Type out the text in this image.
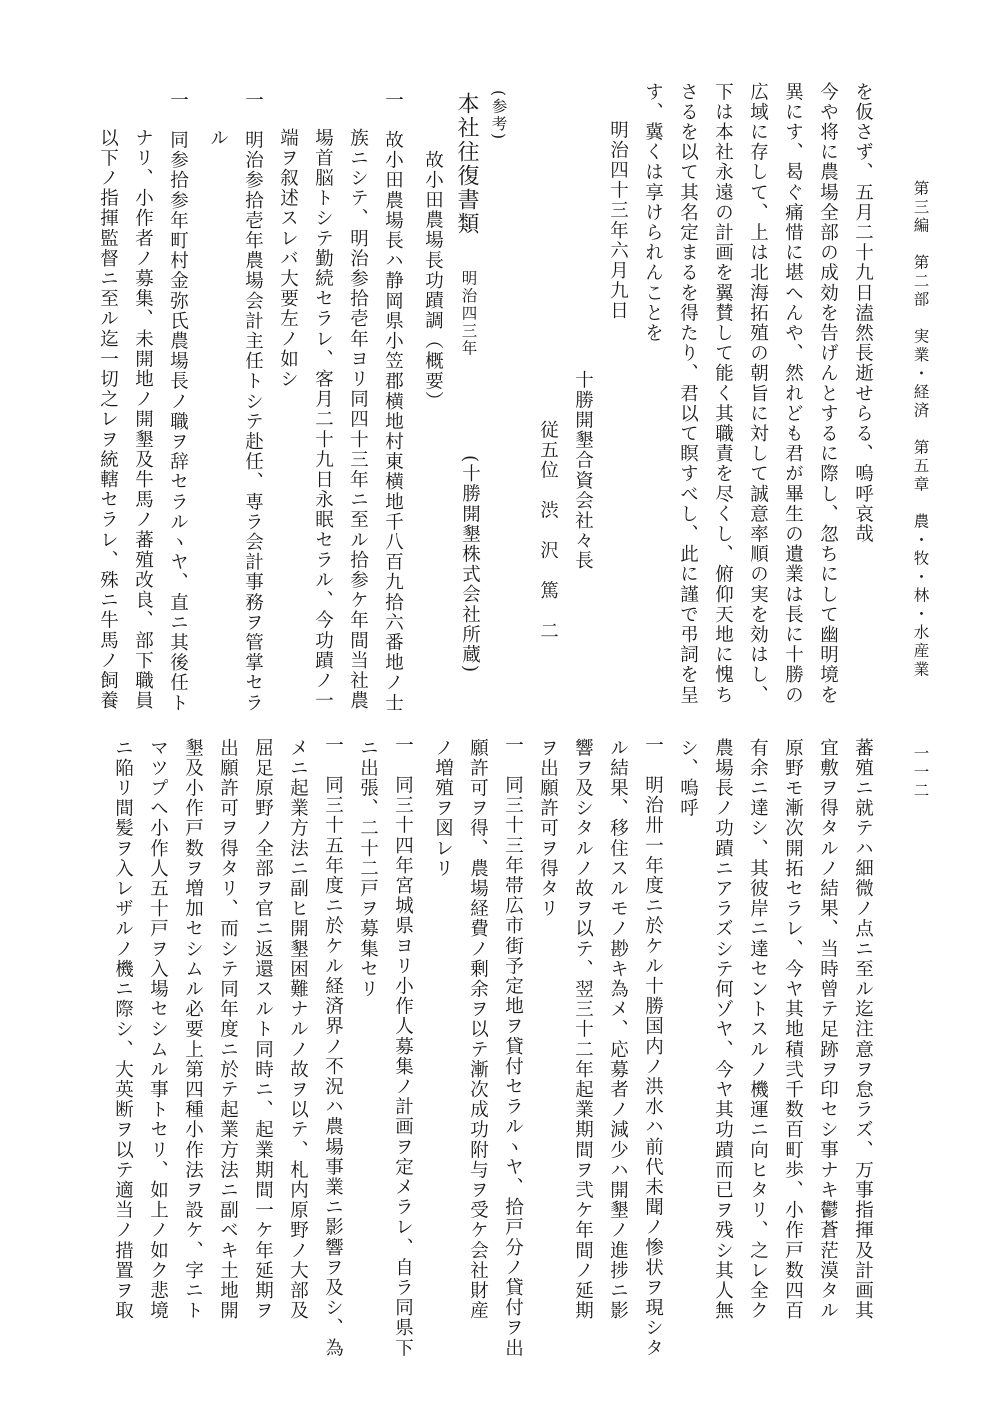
第三編　第二部　実業・経済　第五章　農・牧・林・水産業
一一二
を仮さず、五月二十九日溘然長逝せらる、嗚呼哀哉
今や将に農場全部の成効を告げんとするに際し、忽ちにして幽明境を
異にす、曷ぐ痛惜に堪へんや、然れども君が畢生の遺業は長に十勝の
広域に存して、上は北海拓殖の朝旨に対して誠意率順の実を効はし、
下は本社永遠の計画を翼賛して能く其職責を尽くし、俯仰天地に愧ち
さるを以て其名定まるを得たり、君以て瞑すべし、此に謹で弔詞を呈
す、冀くは享けられんことを
明治四十三年六月九日
十勝開墾合資会社々長
従五位　渋　沢　篤　二
(参考)
本社往復書類
明治四三年
(十勝開墾株式会社所蔵)
故小田農場長功蹟調（概要）
一　故小田農場長ハ静岡県小笠郡横地村東横地千八百九拾六番地ノ士
族ニシテ、明治参拾壱年ヨリ同四十三年ニ至ル拾参ケ年間当社農
場首脳トシテ勤続セラレ、客月二十九日永眠セラル、今功蹟ノ一
端ヲ叙述スレバ大要左ノ如シ
一　明治参拾壱年農場会計主任トシテ赴任、専ラ会計事務ヲ管掌セラ
ル
一　同参拾参年町村金弥氏農場長ノ職ヲ辞セラルヽヤ、直ニ其後任ト
ナリ、小作者ノ募集、未開地ノ開墾及牛馬ノ蕃殖改良、部下職員
以下ノ指揮監督ニ至ル迄一切之レヲ統轄セラレ、殊ニ牛馬ノ飼養
蕃殖ニ就テハ細微ノ点ニ至ル迄注意ヲ怠ラズ、万事指揮及計画其
宜敷ヲ得タルノ結果、当時曾テ足跡ヲ印セシ事ナキ鬱蒼茫漠タル
原野モ漸次開拓セラレ、今ヤ其地積弐千数百町歩、小作戸数四百
有余ニ達シ、其彼岸ニ達セントスルノ機運ニ向ヒタリ、之レ全ク
農場長ノ功蹟ニアラズシテ何ゾヤ、今ヤ其功蹟而已ヲ残シ其人無
シ、嗚呼
一　明治卅一年度ニ於ケル十勝国内ノ洪水ハ前代未聞ノ惨状ヲ現シタ
ル結果、移住スルモノ尠キ為メ、応募者ノ減少ハ開墾ノ進捗ニ影
響ヲ及シタルノ故ヲ以テ、翌三十二年起業期間ヲ弐ケ年間ノ延期
ヲ出願許可ヲ得タリ
一　同三十三年帯広市街予定地ヲ貸付セラルヽヤ、拾戸分ノ貸付ヲ出
願許可ヲ得、農場経費ノ剰余ヲ以テ漸次成功附与ヲ受ケ会社財産
ノ増殖ヲ図レリ
一　同三十四年宮城県ヨリ小作人募集ノ計画ヲ定メラレ、自ラ同県下
ニ出張、二十二戸ヲ募集セリ
一　同三十五年度ニ於ケル経済界ノ不況ハ農場事業ニ影響ヲ及シ、為
メニ起業方法ニ副ヒ開墾困難ナルノ故ヲ以テ、札内原野ノ大部及
屈足原野ノ全部ヲ官ニ返還スルト同時ニ、起業期間一ケ年延期ヲ
出願許可ヲ得タリ、而シテ同年度ニ於テ起業方法ニ副ベキ土地開
墾及小作戸数ヲ増加セシムル必要上第四種小作法ヲ設ケ、字ニト
マツプへ小作人五十戸ヲ入場セシムル事トセリ、如上ノ如ク悲境
ニ陥リ間髪ヲ入レザルノ機ニ際シ、大英断ヲ以テ適当ノ措置ヲ取
